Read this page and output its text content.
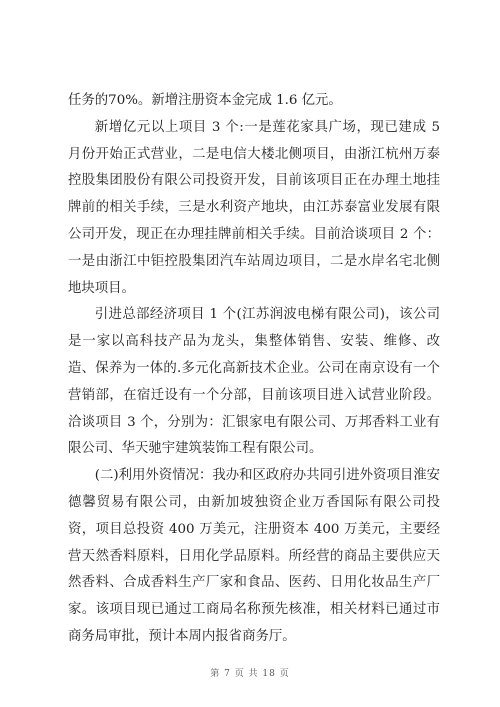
任务的70%。新增注册资本金完成 1.6 亿元。

新增亿元以上项目 3 个:一是莲花家具广场，现已建成 5 月份开始正式营业，二是电信大楼北侧项目，由浙江杭州万泰控股集团股份有限公司投资开发，目前该项目正在办理土地挂牌前的相关手续，三是水利资产地块，由江苏泰富业发展有限公司开发，现正在办理挂牌前相关手续。目前洽谈项目 2 个：一是由浙江中钜控股集团汽车站周边项目，二是水岸名宅北侧地块项目。

引进总部经济项目 1 个(江苏润波电梯有限公司)，该公司是一家以高科技产品为龙头，集整体销售、安装、维修、改造、保养为一体的.多元化高新技术企业。公司在南京设有一个营销部，在宿迁设有一个分部，目前该项目进入试营业阶段。洽谈项目 3 个，分别为：汇银家电有限公司、万邦香料工业有限公司、华天驰宇建筑装饰工程有限公司。

(二)利用外资情况：我办和区政府办共同引进外资项目淮安德馨贸易有限公司，由新加坡独资企业万香国际有限公司投资，项目总投资 400 万美元，注册资本 400 万美元，主要经营天然香料原料，日用化学品原料。所经营的商品主要供应天然香料、合成香料生产厂家和食品、医药、日用化妆品生产厂家。该项目现已通过工商局名称预先核准，相关材料已通过市商务局审批，预计本周内报省商务厅。

第 7 页 共 18 页
